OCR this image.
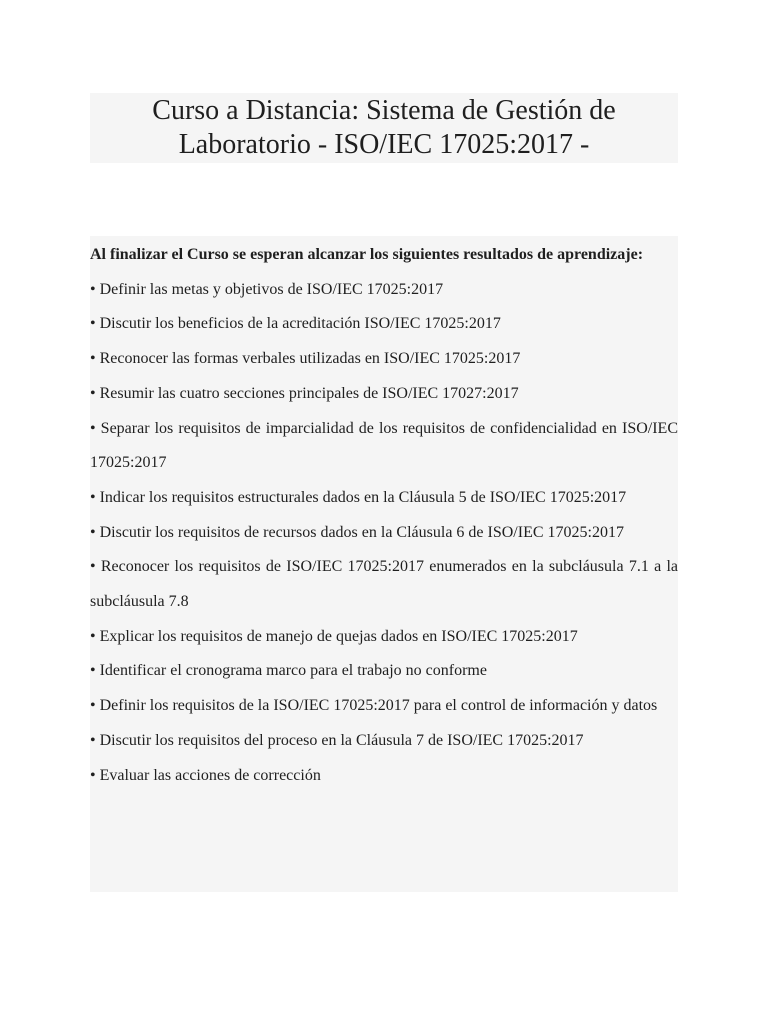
Curso a Distancia: Sistema de Gestión de Laboratorio - ISO/IEC 17025:2017 -

Al finalizar el Curso se esperan alcanzar los siguientes resultados de aprendizaje:

• Definir las metas y objetivos de ISO/IEC 17025:2017

• Discutir los beneficios de la acreditación ISO/IEC 17025:2017

• Reconocer las formas verbales utilizadas en ISO/IEC 17025:2017

• Resumir las cuatro secciones principales de ISO/IEC 17027:2017

• Separar los requisitos de imparcialidad de los requisitos de confidencialidad en ISO/IEC 17025:2017

• Indicar los requisitos estructurales dados en la Cláusula 5 de ISO/IEC 17025:2017

• Discutir los requisitos de recursos dados en la Cláusula 6 de ISO/IEC 17025:2017

• Reconocer los requisitos de ISO/IEC 17025:2017 enumerados en la subcláusula 7.1 a la subcláusula 7.8

• Explicar los requisitos de manejo de quejas dados en ISO/IEC 17025:2017

• Identificar el cronograma marco para el trabajo no conforme

• Definir los requisitos de la ISO/IEC 17025:2017 para el control de información y datos

• Discutir los requisitos del proceso en la Cláusula 7 de ISO/IEC 17025:2017

• Evaluar las acciones de corrección
